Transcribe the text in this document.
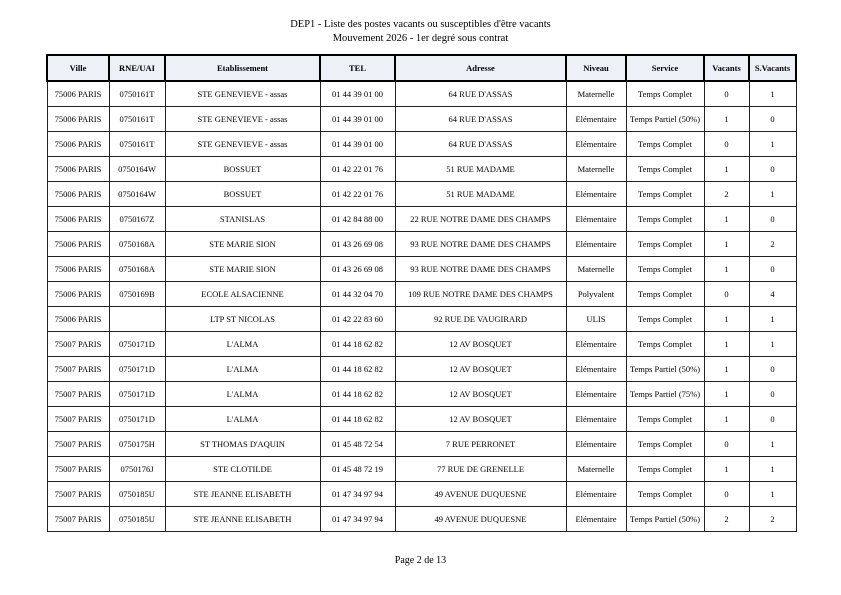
DEP1 - Liste des postes vacants ou susceptibles d'être vacants
Mouvement 2026 - 1er degré sous contrat
Ville	RNE/UAI	Etablissement	TEL	Adresse	Niveau	Service	Vacants	S.Vacants
75006 PARIS	0750161T	STE GENEVIEVE - assas	01 44 39 01 00	64 RUE D'ASSAS	Maternelle	Temps Complet	0	1
75006 PARIS	0750161T	STE GENEVIEVE - assas	01 44 39 01 00	64 RUE D'ASSAS	Elémentaire	Temps Partiel (50%)	1	0
75006 PARIS	0750161T	STE GENEVIEVE - assas	01 44 39 01 00	64 RUE D'ASSAS	Elémentaire	Temps Complet	0	1
75006 PARIS	0750164W	BOSSUET	01 42 22 01 76	51 RUE MADAME	Maternelle	Temps Complet	1	0
75006 PARIS	0750164W	BOSSUET	01 42 22 01 76	51 RUE MADAME	Elémentaire	Temps Complet	2	1
75006 PARIS	0750167Z	STANISLAS	01 42 84 88 00	22 RUE NOTRE DAME DES CHAMPS	Elémentaire	Temps Complet	1	0
75006 PARIS	0750168A	STE MARIE SION	01 43 26 69 08	93 RUE NOTRE DAME DES CHAMPS	Elémentaire	Temps Complet	1	2
75006 PARIS	0750168A	STE MARIE SION	01 43 26 69 08	93 RUE NOTRE DAME DES CHAMPS	Maternelle	Temps Complet	1	0
75006 PARIS	0750169B	ECOLE ALSACIENNE	01 44 32 04 70	109 RUE NOTRE DAME DES CHAMPS	Polyvalent	Temps Complet	0	4
75006 PARIS		LTP ST NICOLAS	01 42 22 83 60	92 RUE DE VAUGIRARD	ULIS	Temps Complet	1	1
75007 PARIS	0750171D	L'ALMA	01 44 18 62 82	12 AV BOSQUET	Elémentaire	Temps Complet	1	1
75007 PARIS	0750171D	L'ALMA	01 44 18 62 82	12 AV BOSQUET	Elémentaire	Temps Partiel (50%)	1	0
75007 PARIS	0750171D	L'ALMA	01 44 18 62 82	12 AV BOSQUET	Elémentaire	Temps Partiel (75%)	1	0
75007 PARIS	0750171D	L'ALMA	01 44 18 62 82	12 AV BOSQUET	Elémentaire	Temps Complet	1	0
75007 PARIS	0750175H	ST THOMAS D'AQUIN	01 45 48 72 54	7 RUE PERRONET	Elémentaire	Temps Complet	0	1
75007 PARIS	0750176J	STE CLOTILDE	01 45 48 72 19	77 RUE DE GRENELLE	Maternelle	Temps Complet	1	1
75007 PARIS	0750185U	STE JEANNE ELISABETH	01 47 34 97 94	49 AVENUE DUQUESNE	Elémentaire	Temps Complet	0	1
75007 PARIS	0750185U	STE JEANNE ELISABETH	01 47 34 97 94	49 AVENUE DUQUESNE	Elémentaire	Temps Partiel (50%)	2	2
Page 2 de 13
